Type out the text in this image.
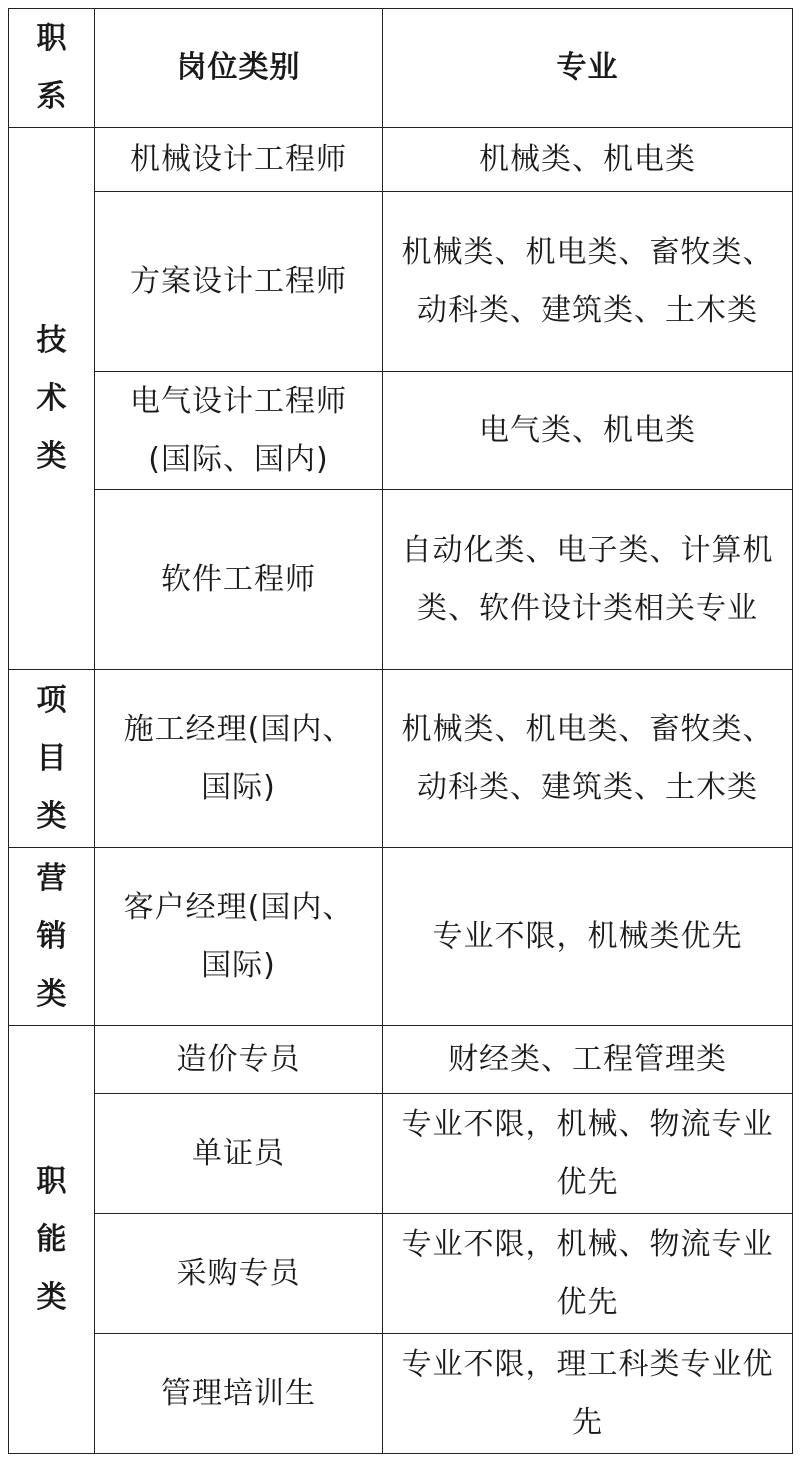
职系	岗位类别	专业
技术类	机械设计工程师	机械类、机电类
	方案设计工程师	机械类、机电类、畜牧类、动科类、建筑类、土木类
	电气设计工程师(国际、国内)	电气类、机电类
	软件工程师	自动化类、电子类、计算机类、软件设计类相关专业
项目类	施工经理(国内、国际)	机械类、机电类、畜牧类、动科类、建筑类、土木类
营销类	客户经理(国内、国际)	专业不限，机械类优先
职能类	造价专员	财经类、工程管理类
	单证员	专业不限，机械、物流专业优先
	采购专员	专业不限，机械、物流专业优先
	管理培训生	专业不限，理工科类专业优先
